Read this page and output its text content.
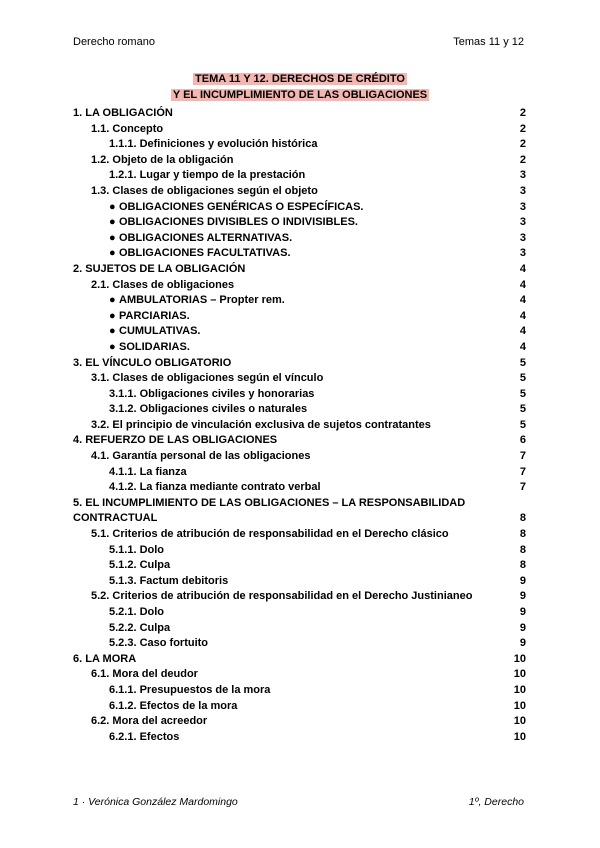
Derecho romano	Temas 11 y 12
TEMA 11 Y 12. DERECHOS DE CRÉDITO
Y EL INCUMPLIMIENTO DE LAS OBLIGACIONES
1. LA OBLIGACIÓN	2
1.1. Concepto	2
1.1.1. Definiciones y evolución histórica	2
1.2. Objeto de la obligación	2
1.2.1. Lugar y tiempo de la prestación	3
1.3. Clases de obligaciones según el objeto	3
● OBLIGACIONES GENÉRICAS O ESPECÍFICAS.	3
● OBLIGACIONES DIVISIBLES O INDIVISIBLES.	3
● OBLIGACIONES ALTERNATIVAS.	3
● OBLIGACIONES FACULTATIVAS.	3
2. SUJETOS DE LA OBLIGACIÓN	4
2.1. Clases de obligaciones	4
● AMBULATORIAS – Propter rem.	4
● PARCIARIAS.	4
● CUMULATIVAS.	4
● SOLIDARIAS.	4
3. EL VÍNCULO OBLIGATORIO	5
3.1. Clases de obligaciones según el vínculo	5
3.1.1. Obligaciones civiles y honorarias	5
3.1.2. Obligaciones civiles o naturales	5
3.2. El principio de vinculación exclusiva de sujetos contratantes	5
4. REFUERZO DE LAS OBLIGACIONES	6
4.1. Garantía personal de las obligaciones	7
4.1.1. La fianza	7
4.1.2. La fianza mediante contrato verbal	7
5. EL INCUMPLIMIENTO DE LAS OBLIGACIONES – LA RESPONSABILIDAD CONTRACTUAL	8
5.1. Criterios de atribución de responsabilidad en el Derecho clásico	8
5.1.1. Dolo	8
5.1.2. Culpa	8
5.1.3. Factum debitoris	9
5.2. Criterios de atribución de responsabilidad en el Derecho Justinianeo	9
5.2.1. Dolo	9
5.2.2. Culpa	9
5.2.3. Caso fortuito	9
6. LA MORA	10
6.1. Mora del deudor	10
6.1.1. Presupuestos de la mora	10
6.1.2. Efectos de la mora	10
6.2. Mora del acreedor	10
6.2.1. Efectos	10
1 · Verónica González Mardomingo	1º, Derecho
